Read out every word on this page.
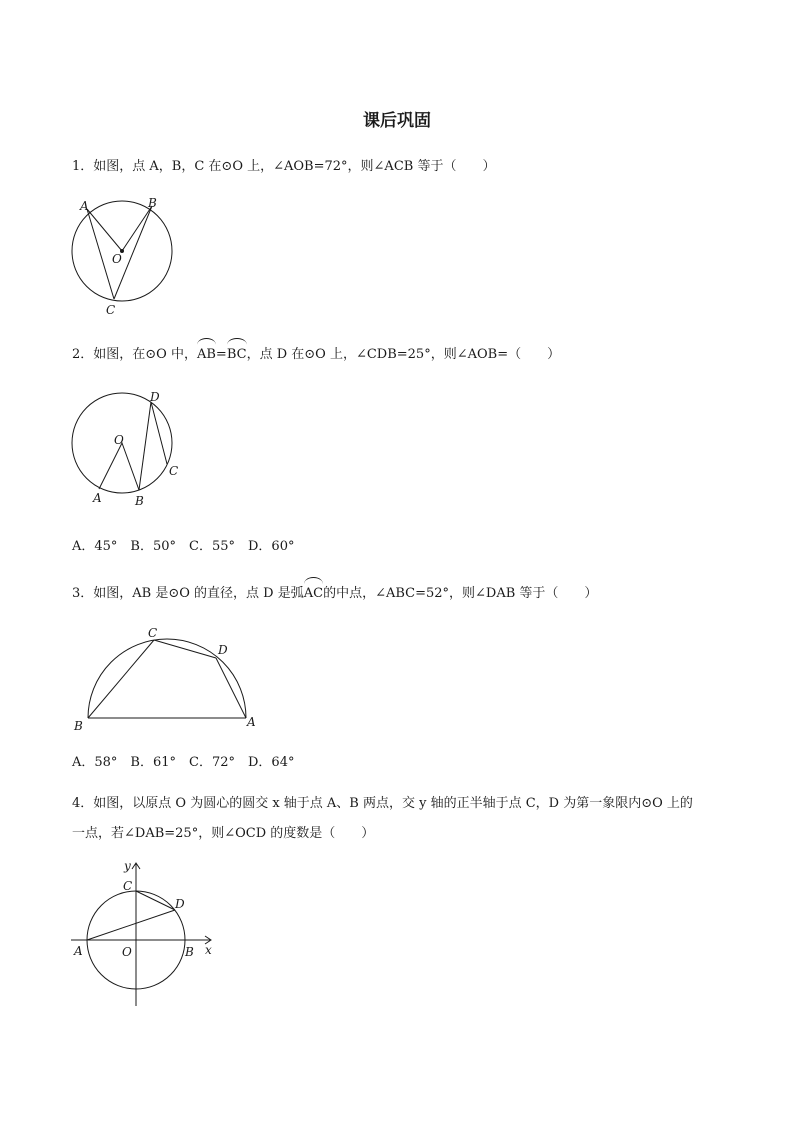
课后巩固
1．如图，点 A，B，C 在⊙O 上，∠AOB=72°，则∠ACB 等于（　　）
A	B
O
C
2．如图，在⊙O 中，AB=BC，点 D 在⊙O 上，∠CDB=25°，则∠AOB=（　　）
A	B
C
D
O
A．45°　B．50°　C．55°　D．60°
3．如图，AB 是⊙O 的直径，点 D 是弧AC的中点，∠ABC=52°，则∠DAB 等于（　　）
B	A
C
D
A．58°　B．61°　C．72°　D．64°
4．如图，以原点 O 为圆心的圆交 x 轴于点 A、B 两点，交 y 轴的正半轴于点 C，D 为第一象限内⊙O 上的
一点，若∠DAB=25°，则∠OCD 的度数是（　　）
y
C
D
A	O	B x
